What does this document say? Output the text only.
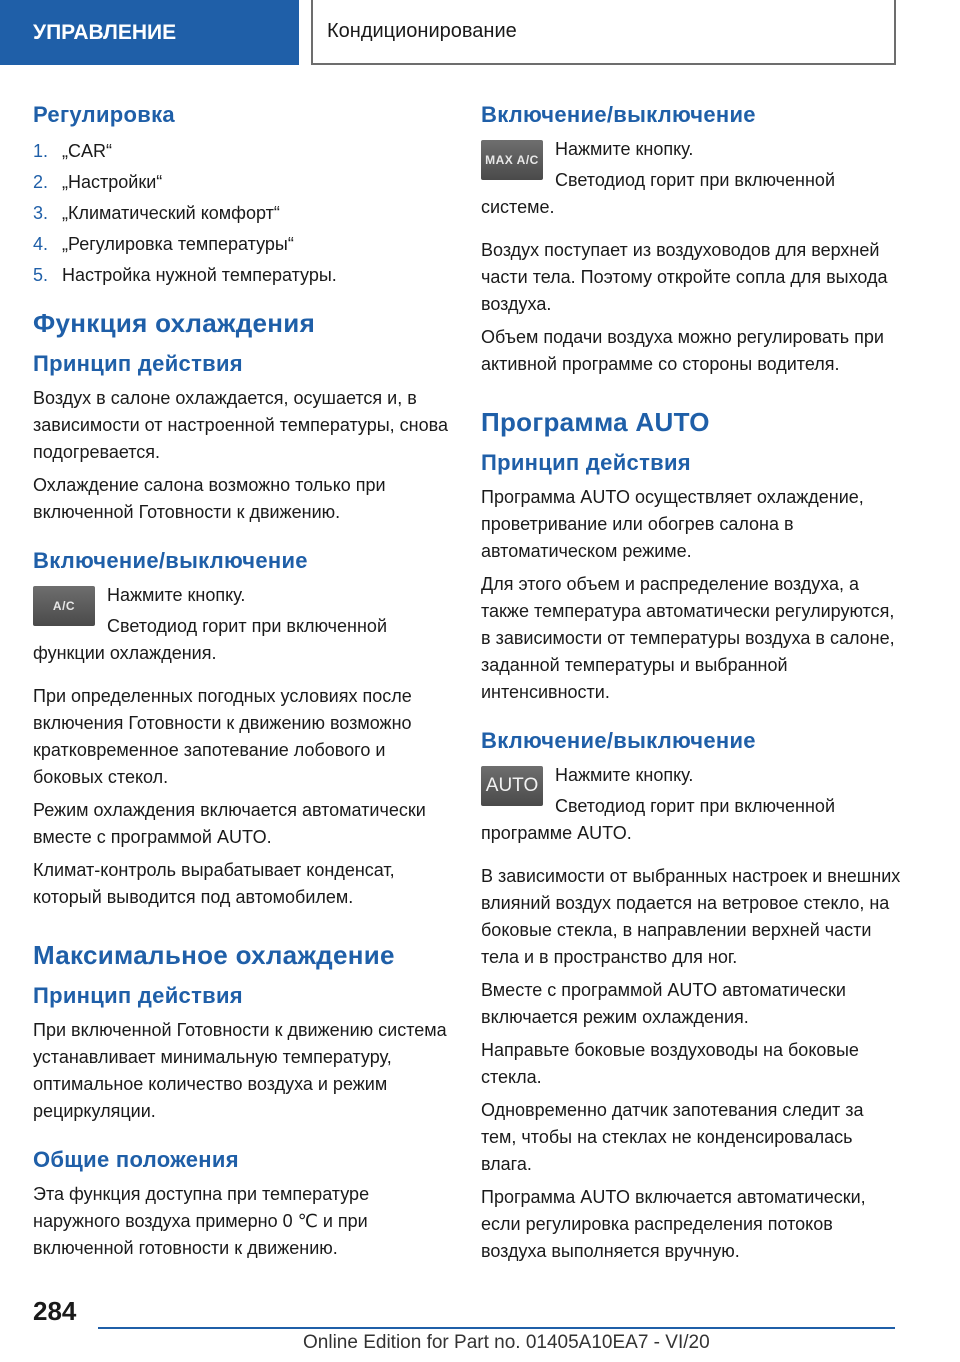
УПРАВЛЕНИЕ	Кондиционирование
Регулировка
1. „CAR“
2. „Настройки“
3. „Климатический комфорт“
4. „Регулировка температуры“
5. Настройка нужной температуры.
Функция охлаждения
Принцип действия

Воздух в салоне охлаждается, осушается и, в зависимости от настроенной температуры, снова подогревается.

Охлаждение салона возможно только при включенной Готовности к движению.

Включение/выключение
A/C

Нажмите кнопку.

Светодиод горит при включенной функции охлаждения.

При определенных погодных условиях после включения Готовности к движению возможно кратковременное запотевание лобового и боковых стекол.

Режим охлаждения включается автоматически вместе с программой AUTO.

Климат-контроль вырабатывает конденсат, который выводится под автомобилем.

Максимальное охлаждение
Принцип действия

При включенной Готовности к движению система устанавливает минимальную температуру, оптимальное количество воздуха и режим рециркуляции.

Общие положения

Эта функция доступна при температуре наружного воздуха примерно 0 ℃ и при включенной готовности к движению.

Включение/выключение
MAX A/C

Нажмите кнопку.

Светодиод горит при включенной системе.

Воздух поступает из воздуховодов для верхней части тела. Поэтому откройте сопла для выхода воздуха.

Объем подачи воздуха можно регулировать при активной программе со стороны водителя.

Программа AUTO
Принцип действия

Программа AUTO осуществляет охлаждение, проветривание или обогрев салона в автоматическом режиме.

Для этого объем и распределение воздуха, а также температура автоматически регулируются, в зависимости от температуры воздуха в салоне, заданной температуры и выбранной интенсивности.

Включение/выключение
AUTO Нажмите кнопку.

Светодиод горит при включенной программе AUTO.

В зависимости от выбранных настроек и внешних влияний воздух подается на ветровое стекло, на боковые стекла, в направлении верхней части тела и в пространство для ног.

Вместе с программой AUTO автоматически включается режим охлаждения.

Направьте боковые воздуховоды на боковые стекла.

Одновременно датчик запотевания следит за тем, чтобы на стеклах не конденсировалась влага.

Программа AUTO включается автоматически, если регулировка распределения потоков воздуха выполняется вручную.

284
Online Edition for Part no. 01405A10EA7 - VI/20
